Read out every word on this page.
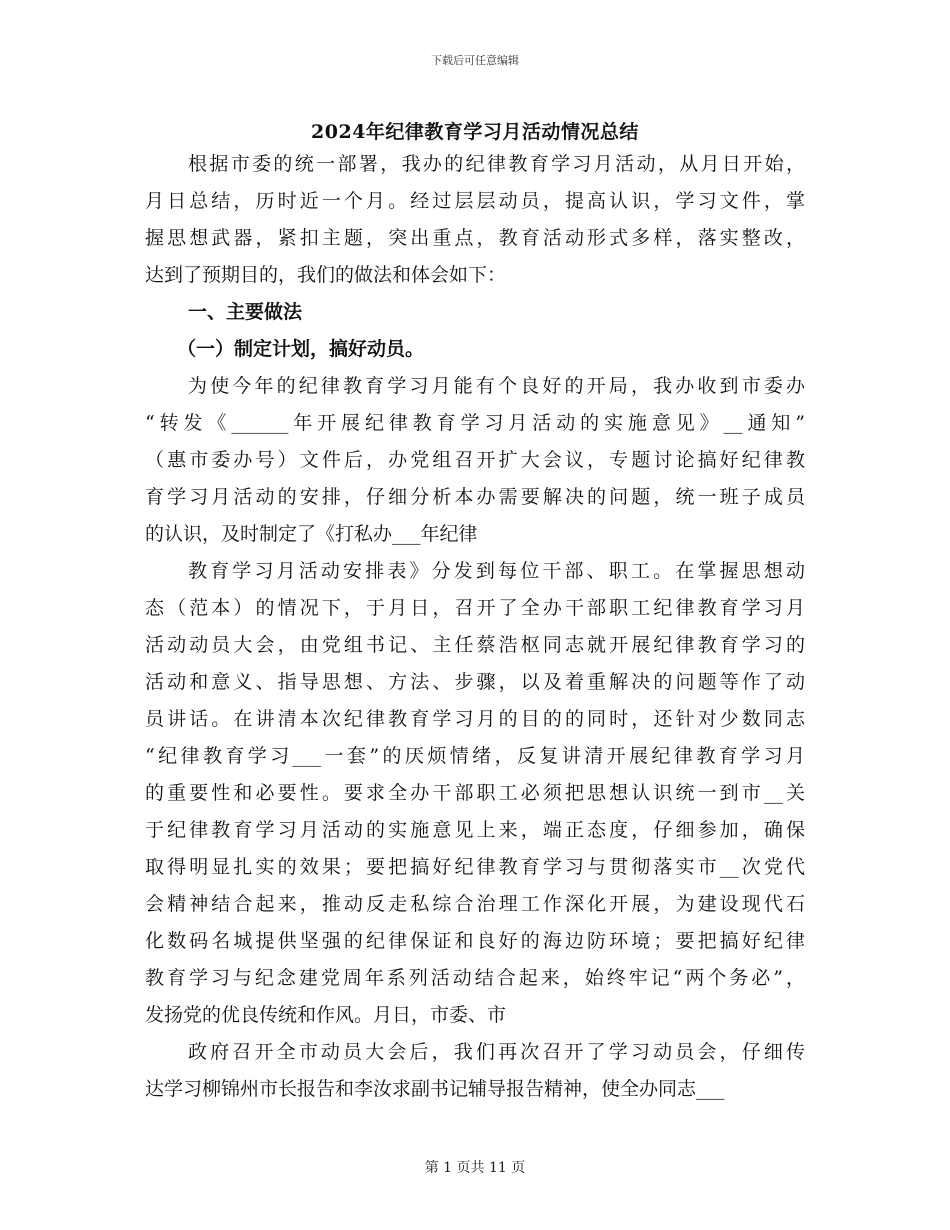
下载后可任意编辑
2024年纪律教育学习月活动情况总结

根据市委的统一部署，我办的纪律教育学习月活动，从月日开始，
月日总结，历时近一个月。经过层层动员，提高认识，学习文件，掌
握思想武器，紧扣主题，突出重点，教育活动形式多样，落实整改，
达到了预期目的，我们的做法和体会如下：

一、主要做法
（一）制定计划，搞好动员。

为使今年的纪律教育学习月能有个良好的开局，我办收到市委办
“转发《______年开展纪律教育学习月活动的实施意见》__通知”
（惠市委办号）文件后，办党组召开扩大会议，专题讨论搞好纪律教
育学习月活动的安排，仔细分析本办需要解决的问题，统一班子成员
的认识，及时制定了《打私办___年纪律

教育学习月活动安排表》分发到每位干部、职工。在掌握思想动
态（范本）的情况下，于月日，召开了全办干部职工纪律教育学习月
活动动员大会，由党组书记、主任蔡浩枢同志就开展纪律教育学习的
活动和意义、指导思想、方法、步骤，以及着重解决的问题等作了动
员讲话。在讲清本次纪律教育学习月的目的的同时，还针对少数同志
“纪律教育学习___一套”的厌烦情绪，反复讲清开展纪律教育学习月
的重要性和必要性。要求全办干部职工必须把思想认识统一到市__关
于纪律教育学习月活动的实施意见上来，端正态度，仔细参加，确保
取得明显扎实的效果；要把搞好纪律教育学习与贯彻落实市__次党代
会精神结合起来，推动反走私综合治理工作深化开展，为建设现代石
化数码名城提供坚强的纪律保证和良好的海边防环境；要把搞好纪律
教育学习与纪念建党周年系列活动结合起来，始终牢记“两个务必”，
发扬党的优良传统和作风。月日，市委、市

政府召开全市动员大会后，我们再次召开了学习动员会，仔细传
达学习柳锦州市长报告和李汝求副书记辅导报告精神，使全办同志___

第 1 页共 11 页
